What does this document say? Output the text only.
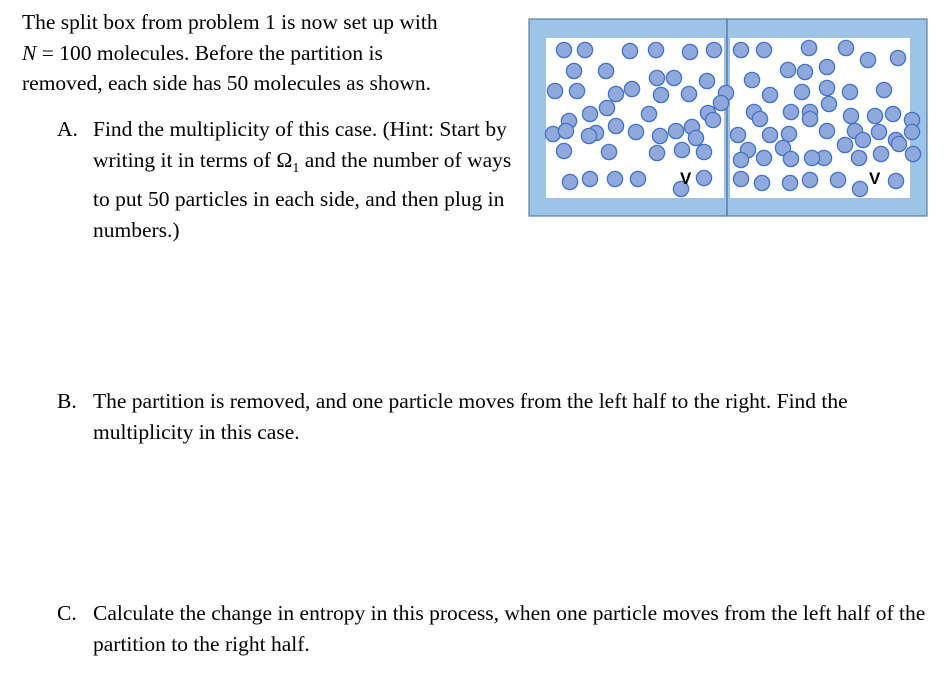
The split box from problem 1 is now set up with

N = 100 molecules. Before the partition is

removed, each side has 50 molecules as shown.

A. Find the multiplicity of this case. (Hint: Start by writing it in terms of $\Omega_1$ and the number of ways to put 50 particles in each side, and then plug in numbers.)
B. The partition is removed, and one particle moves from the left half to the right. Find the multiplicity in this case.
C. Calculate the change in entropy in this process, when one particle moves from the left half of the partition to the right half.
V	V
